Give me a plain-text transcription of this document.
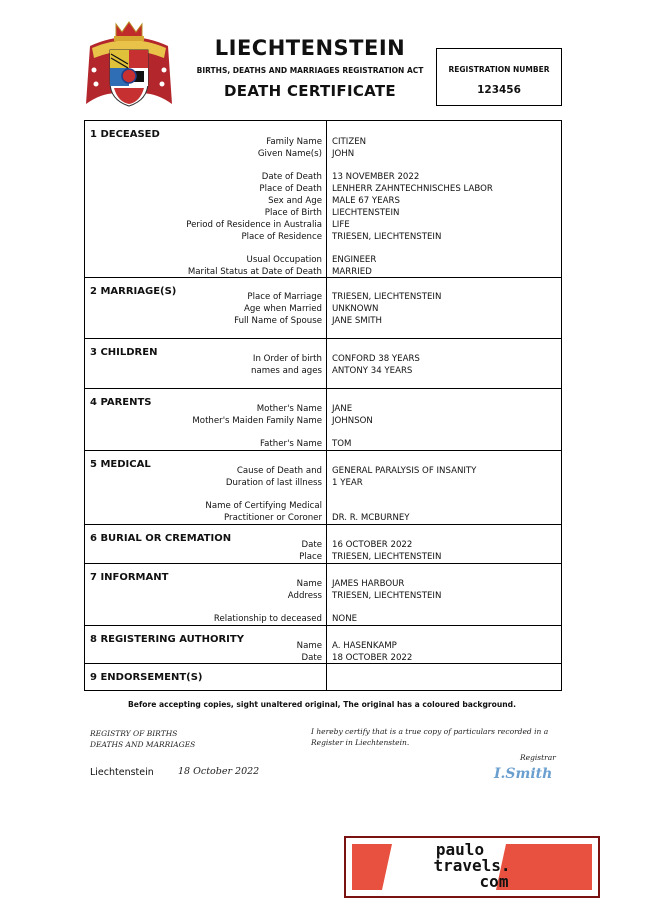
LIECHTENSTEIN
BIRTHS, DEATHS AND MARRIAGES REGISTRATION ACT
DEATH CERTIFICATE
REGISTRATION NUMBER
123456
1 DECEASED
Family Name CITIZEN
Given Name(s) JOHN
Date of Death 13 NOVEMBER 2022
Place of Death LENHERR ZAHNTECHNISCHES LABOR
Sex and Age MALE 67 YEARS
Place of Birth LIECHTENSTEIN
Period of Residence in Australia LIFE
Place of Residence TRIESEN, LIECHTENSTEIN
Usual Occupation ENGINEER
Marital Status at Date of Death MARRIED
2 MARRIAGE(S)	Place of Marriage TRIESEN, LIECHTENSTEIN
Age when Married UNKNOWN
Full Name of Spouse JANE SMITH
3 CHILDREN
In Order of birth CONFORD 38 YEARS
names and ages ANTONY 34 YEARS
4 PARENTS
Mother's Name JANE
Mother's Maiden Family Name JOHNSON
Father's Name TOM
5 MEDICAL
Cause of Death and GENERAL PARALYSIS OF INSANITY
Duration of last illness 1 YEAR
Name of Certifying Medical
Practitioner or Coroner DR. R. MCBURNEY
6 BURIAL OR CREMATION
Date 16 OCTOBER 2022
Place TRIESEN, LIECHTENSTEIN
7 INFORMANT
Name JAMES HARBOUR
Address TRIESEN, LIECHTENSTEIN
Relationship to deceased NONE
8 REGISTERING AUTHORITY
Name A. HASENKAMP
Date 18 OCTOBER 2022
9 ENDORSEMENT(S)
Before accepting copies, sight unaltered original, The original has a coloured background.
REGISTRY OF BIRTHS
DEATHS AND MARRIAGES
I hereby certify that is a true copy of particulars recorded in a
Register in Liechtenstein.
Registrar
Liechtenstein	18 October 2022	I.Smith
paulo
travels.
com
